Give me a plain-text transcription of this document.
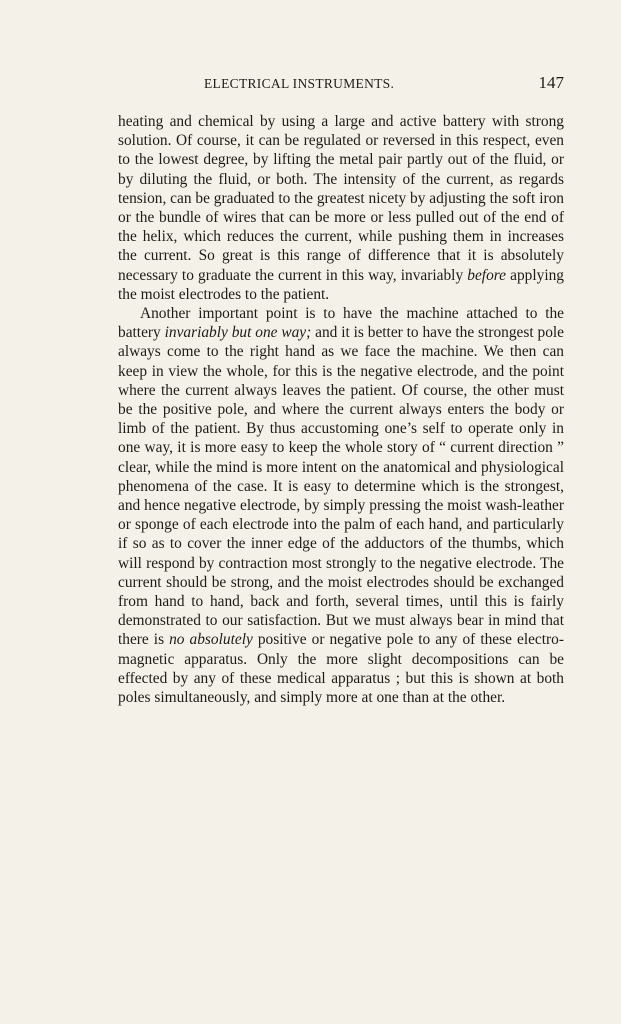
ELECTRICAL INSTRUMENTS.	147

heating and chemical by using a large and active battery with strong solution. Of course, it can be regulated or reversed in this respect, even to the lowest degree, by lifting the metal pair partly out of the fluid, or by diluting the fluid, or both. The intensity of the current, as regards tension, can be graduated to the greatest nicety by adjusting the soft iron or the bundle of wires that can be more or less pulled out of the end of the helix, which reduces the current, while pushing them in increases the current. So great is this range of difference that it is absolutely necessary to graduate the current in this way, invariably before applying the moist electrodes to the patient.

Another important point is to have the machine attached to the battery invariably but one way; and it is better to have the strongest pole always come to the right hand as we face the machine. We then can keep in view the whole, for this is the negative electrode, and the point where the current always leaves the patient. Of course, the other must be the positive pole, and where the current always enters the body or limb of the patient. By thus accustoming one’s self to operate only in one way, it is more easy to keep the whole story of “ current direction ” clear, while the mind is more intent on the anatomical and physiological phenomena of the case. It is easy to determine which is the strongest, and hence negative electrode, by simply pressing the moist wash-leather or sponge of each electrode into the palm of each hand, and particularly if so as to cover the inner edge of the adductors of the thumbs, which will respond by contraction most strongly to the negative electrode. The current should be strong, and the moist electrodes should be exchanged from hand to hand, back and forth, several times, until this is fairly demonstrated to our satisfaction. But we must always bear in mind that there is no absolutely positive or negative pole to any of these electro-magnetic apparatus. Only the more slight decompositions can be effected by any of these medical apparatus ; but this is shown at both poles simultaneously, and simply more at one than at the other.
